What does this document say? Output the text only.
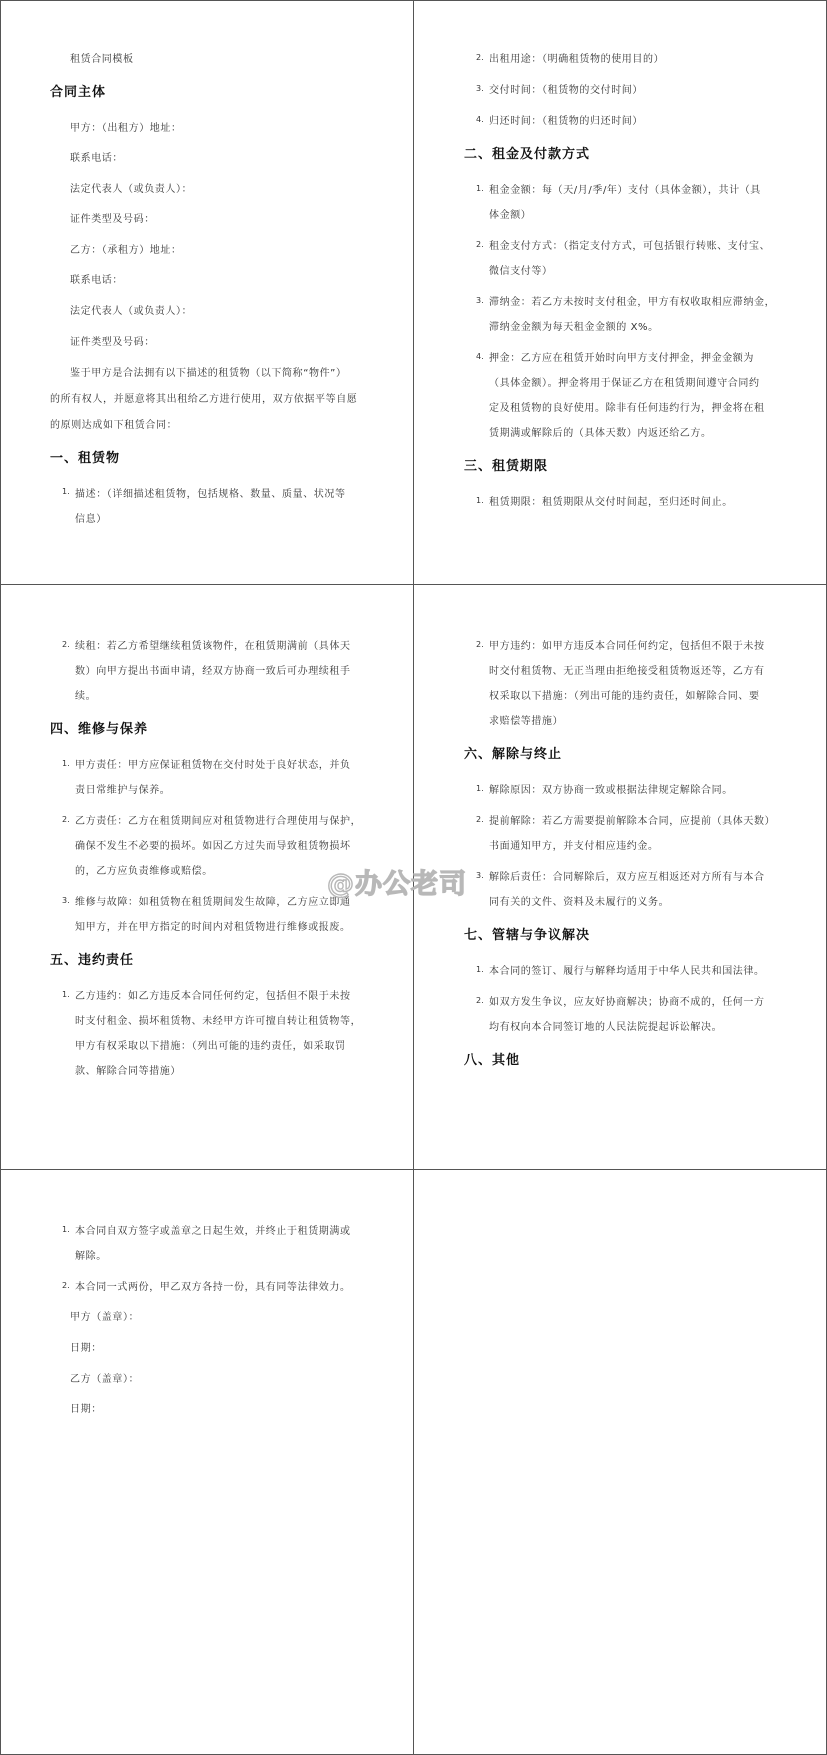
租赁合同模板
合同主体
甲方：（出租方）地址：
联系电话：
法定代表人（或负责人）：
证件类型及号码：
乙方：（承租方）地址：
联系电话：
法定代表人（或负责人）：
证件类型及号码：
鉴于甲方是合法拥有以下描述的租赁物（以下简称“物件”）
的所有权人，并愿意将其出租给乙方进行使用，双方依据平等自愿
的原则达成如下租赁合同：
一、租赁物
1. 描述：（详细描述租赁物，包括规格、数量、质量、状况等
信息）
2. 出租用途：（明确租赁物的使用目的）
3. 交付时间：（租赁物的交付时间）
4. 归还时间：（租赁物的归还时间）
二、租金及付款方式
1. 租金金额：每（天/月/季/年）支付（具体金额），共计（具
体金额）
2. 租金支付方式：（指定支付方式，可包括银行转账、支付宝、
微信支付等）
3. 滞纳金：若乙方未按时支付租金，甲方有权收取相应滞纳金，
滞纳金金额为每天租金金额的 X%。
4. 押金：乙方应在租赁开始时向甲方支付押金，押金金额为
（具体金额）。押金将用于保证乙方在租赁期间遵守合同约
定及租赁物的良好使用。除非有任何违约行为，押金将在租
赁期满或解除后的（具体天数）内返还给乙方。
三、租赁期限
1. 租赁期限：租赁期限从交付时间起，至归还时间止。
2. 续租：若乙方希望继续租赁该物件，在租赁期满前（具体天
数）向甲方提出书面申请，经双方协商一致后可办理续租手
续。
四、维修与保养
1. 甲方责任：甲方应保证租赁物在交付时处于良好状态，并负
责日常维护与保养。
2. 乙方责任：乙方在租赁期间应对租赁物进行合理使用与保护，
确保不发生不必要的损坏。如因乙方过失而导致租赁物损坏
的，乙方应负责维修或赔偿。
3. 维修与故障：如租赁物在租赁期间发生故障，乙方应立即通
知甲方，并在甲方指定的时间内对租赁物进行维修或报废。
五、违约责任
1. 乙方违约：如乙方违反本合同任何约定，包括但不限于未按
时支付租金、损坏租赁物、未经甲方许可擅自转让租赁物等，
甲方有权采取以下措施：（列出可能的违约责任，如采取罚
款、解除合同等措施）
2. 甲方违约：如甲方违反本合同任何约定，包括但不限于未按
时交付租赁物、无正当理由拒绝接受租赁物返还等，乙方有
权采取以下措施：（列出可能的违约责任，如解除合同、要
求赔偿等措施）
六、解除与终止
1. 解除原因：双方协商一致或根据法律规定解除合同。
2. 提前解除：若乙方需要提前解除本合同，应提前（具体天数）
书面通知甲方，并支付相应违约金。
3. 解除后责任：合同解除后，双方应互相返还对方所有与本合
同有关的文件、资料及未履行的义务。
七、管辖与争议解决
1. 本合同的签订、履行与解释均适用于中华人民共和国法律。
2. 如双方发生争议，应友好协商解决；协商不成的，任何一方
均有权向本合同签订地的人民法院提起诉讼解决。
八、其他
1. 本合同自双方签字或盖章之日起生效，并终止于租赁期满或
解除。
2. 本合同一式两份，甲乙双方各持一份，具有同等法律效力。
甲方（盖章）：
日期：
乙方（盖章）：
日期：
@办公老司
